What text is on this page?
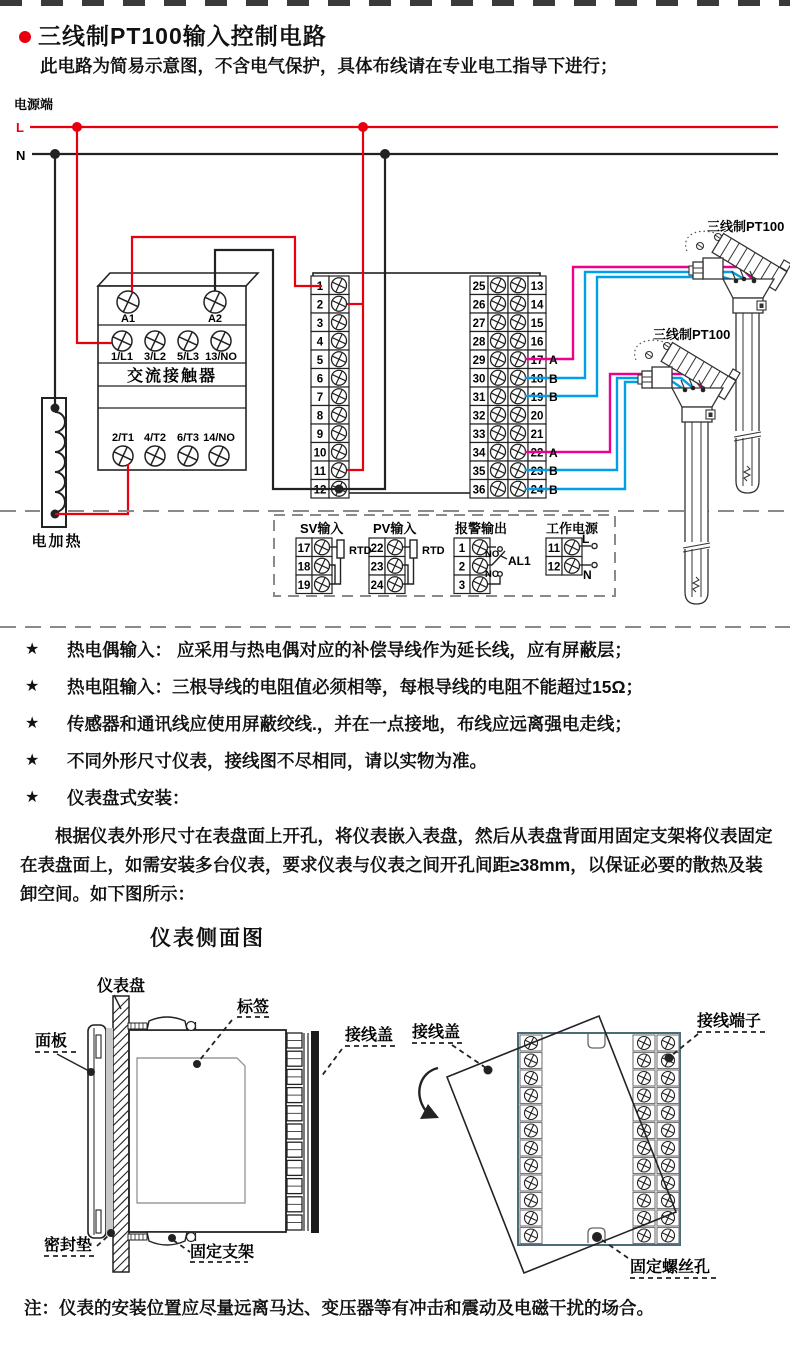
三线制PT100输入控制电路
此电路为简易示意图，不含电气保护，具体布线请在专业电工指导下进行；
电源端
L
N
1
2
3
4
5
6
7
8
9
10
11
12
25	13
26	14
27	15
28	16
29	17
30	18
31	19
32	20
33	21
34	22
35	23
36	24
A1	A2
1/L1 3/L2 5/L3 13/NO
交流接触器
2/T1 4/T2 6/T3 14/NO
电加热
SV输入 PV输入	报警输出	工作电源
17
18
19
22
23
24
1
2
3
11
12
RTD	RTD	NO
NC
AL1
L
N
A
B
B
A
B
B
三线制PT100
三线制PT100
★	热电偶输入： 应采用与热电偶对应的补偿导线作为延长线，应有屏蔽层；
★	热电阻输入：三根导线的电阻值必须相等，每根导线的电阻不能超过15Ω；
★	传感器和通讯线应使用屏蔽绞线.，并在一点接地，布线应远离强电走线；
★	不同外形尺寸仪表，接线图不尽相同，请以实物为准。
★	仪表盘式安装：

根据仪表外形尺寸在表盘面上开孔，将仪表嵌入表盘，然后从表盘背面用固定支架将仪表固定在表盘面上，如需安装多台仪表，要求仪表与仪表之间开孔间距≥38mm，以保证必要的散热及装卸空间。如下图所示：

仪表侧面图
仪表盘
面板
标签
固定支架
密封垫
接线盖 接线盖
接线端子
固定螺丝孔
注：仪表的安装位置应尽量远离马达、变压器等有冲击和震动及电磁干扰的场合。
